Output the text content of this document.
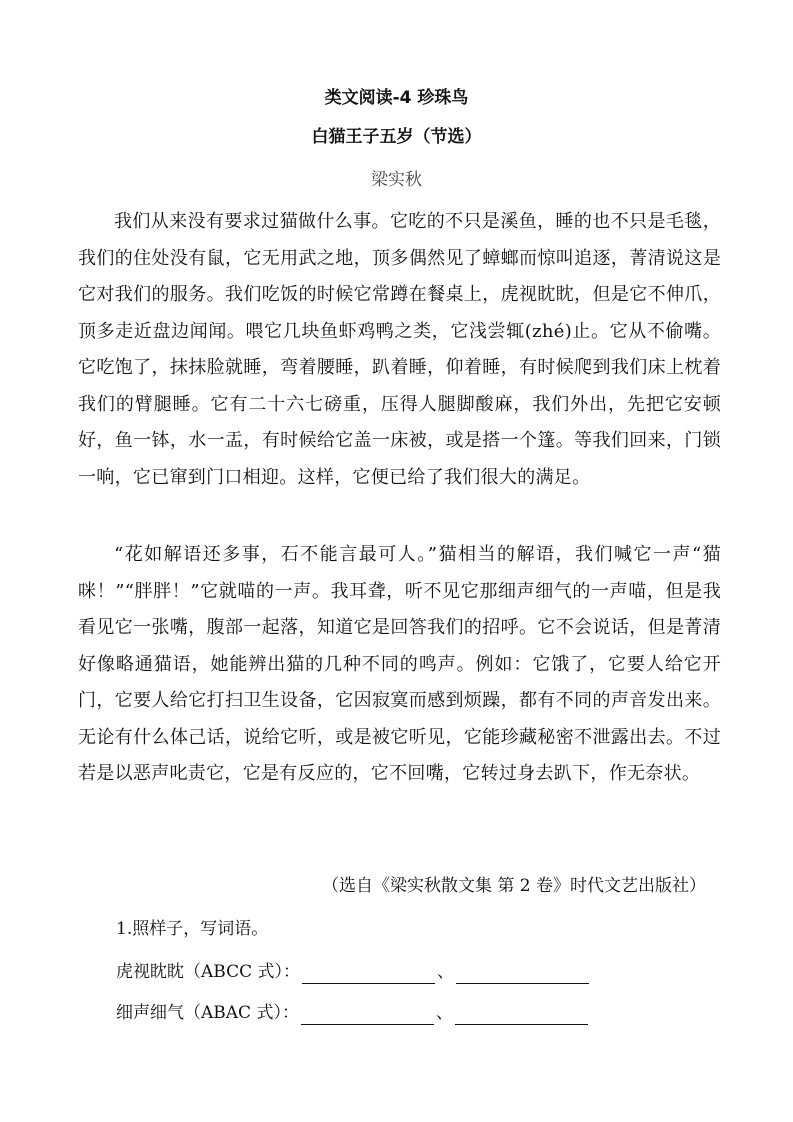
类文阅读-4 珍珠鸟
白猫王子五岁（节选）
梁实秋

我们从来没有要求过猫做什么事。它吃的不只是溪鱼，睡的也不只是毛毯，我们的住处没有鼠，它无用武之地，顶多偶然见了蟑螂而惊叫追逐，菁清说这是它对我们的服务。我们吃饭的时候它常蹲在餐桌上，虎视眈眈，但是它不伸爪，顶多走近盘边闻闻。喂它几块鱼虾鸡鸭之类，它浅尝辄(zhé)止。它从不偷嘴。它吃饱了，抹抹脸就睡，弯着腰睡，趴着睡，仰着睡，有时候爬到我们床上枕着我们的臂腿睡。它有二十六七磅重，压得人腿脚酸麻，我们外出，先把它安顿好，鱼一钵，水一盂，有时候给它盖一床被，或是搭一个篷。等我们回来，门锁一响，它已窜到门口相迎。这样，它便已给了我们很大的满足。

“花如解语还多事，石不能言最可人。”猫相当的解语，我们喊它一声“猫咪！”“胖胖！”它就喵的一声。我耳聋，听不见它那细声细气的一声喵，但是我看见它一张嘴，腹部一起落，知道它是回答我们的招呼。它不会说话，但是菁清好像略通猫语，她能辨出猫的几种不同的鸣声。例如：它饿了，它要人给它开门，它要人给它打扫卫生设备，它因寂寞而感到烦躁，都有不同的声音发出来。无论有什么体己话，说给它听，或是被它听见，它能珍藏秘密不泄露出去。不过若是以恶声叱责它，它是有反应的，它不回嘴，它转过身去趴下，作无奈状。

（选自《梁实秋散文集 第 2 卷》时代文艺出版社）

1.照样子，写词语。

虎视眈眈（ABCC 式）：	、
细声细气（ABAC 式）：	、
